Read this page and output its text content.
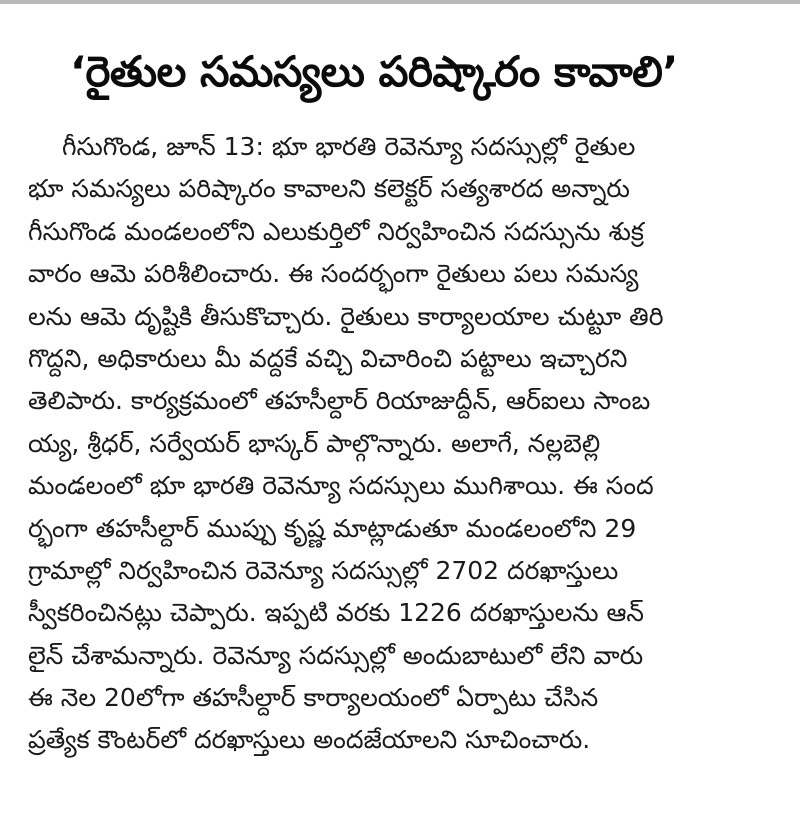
‘రైతుల సమస్యలు పరిష్కారం కావాలి’
గీసుగొండ, జూన్ 13: భూ భారతి రెవెన్యూ సదస్సుల్లో రైతుల
భూ సమస్యలు పరిష్కారం కావాలని కలెక్టర్ సత్యశారద అన్నారు
గీసుగొండ మండలంలోని ఎలుకుర్తిలో నిర్వహించిన సదస్సును శుక్ర
వారం ఆమె పరిశీలించారు. ఈ సందర్భంగా రైతులు పలు సమస్య
లను ఆమె దృష్టికి తీసుకొచ్చారు. రైతులు కార్యాలయాల చుట్టూ తిరి
గొద్దని, అధికారులు మీ వద్దకే వచ్చి విచారించి పట్టాలు ఇచ్చారని
తెలిపారు. కార్యక్రమంలో తహసీల్దార్ రియాజుద్దీన్, ఆర్ఐలు సాంబ
య్య, శ్రీధర్, సర్వేయర్ భాస్కర్ పాల్గొన్నారు. అలాగే, నల్లబెల్లి
మండలంలో భూ భారతి రెవెన్యూ సదస్సులు ముగిశాయి. ఈ సంద
ర్భంగా తహసీల్దార్ ముప్పు కృష్ణ మాట్లాడుతూ మండలంలోని 29
గ్రామాల్లో నిర్వహించిన రెవెన్యూ సదస్సుల్లో 2702 దరఖాస్తులు
స్వీకరించినట్లు చెప్పారు. ఇప్పటి వరకు 1226 దరఖాస్తులను ఆన్
లైన్ చేశామన్నారు. రెవెన్యూ సదస్సుల్లో అందుబాటులో లేని వారు
ఈ నెల 20లోగా తహసీల్దార్ కార్యాలయంలో ఏర్పాటు చేసిన
ప్రత్యేక కౌంటర్‌లో దరఖాస్తులు అందజేయాలని సూచించారు.
